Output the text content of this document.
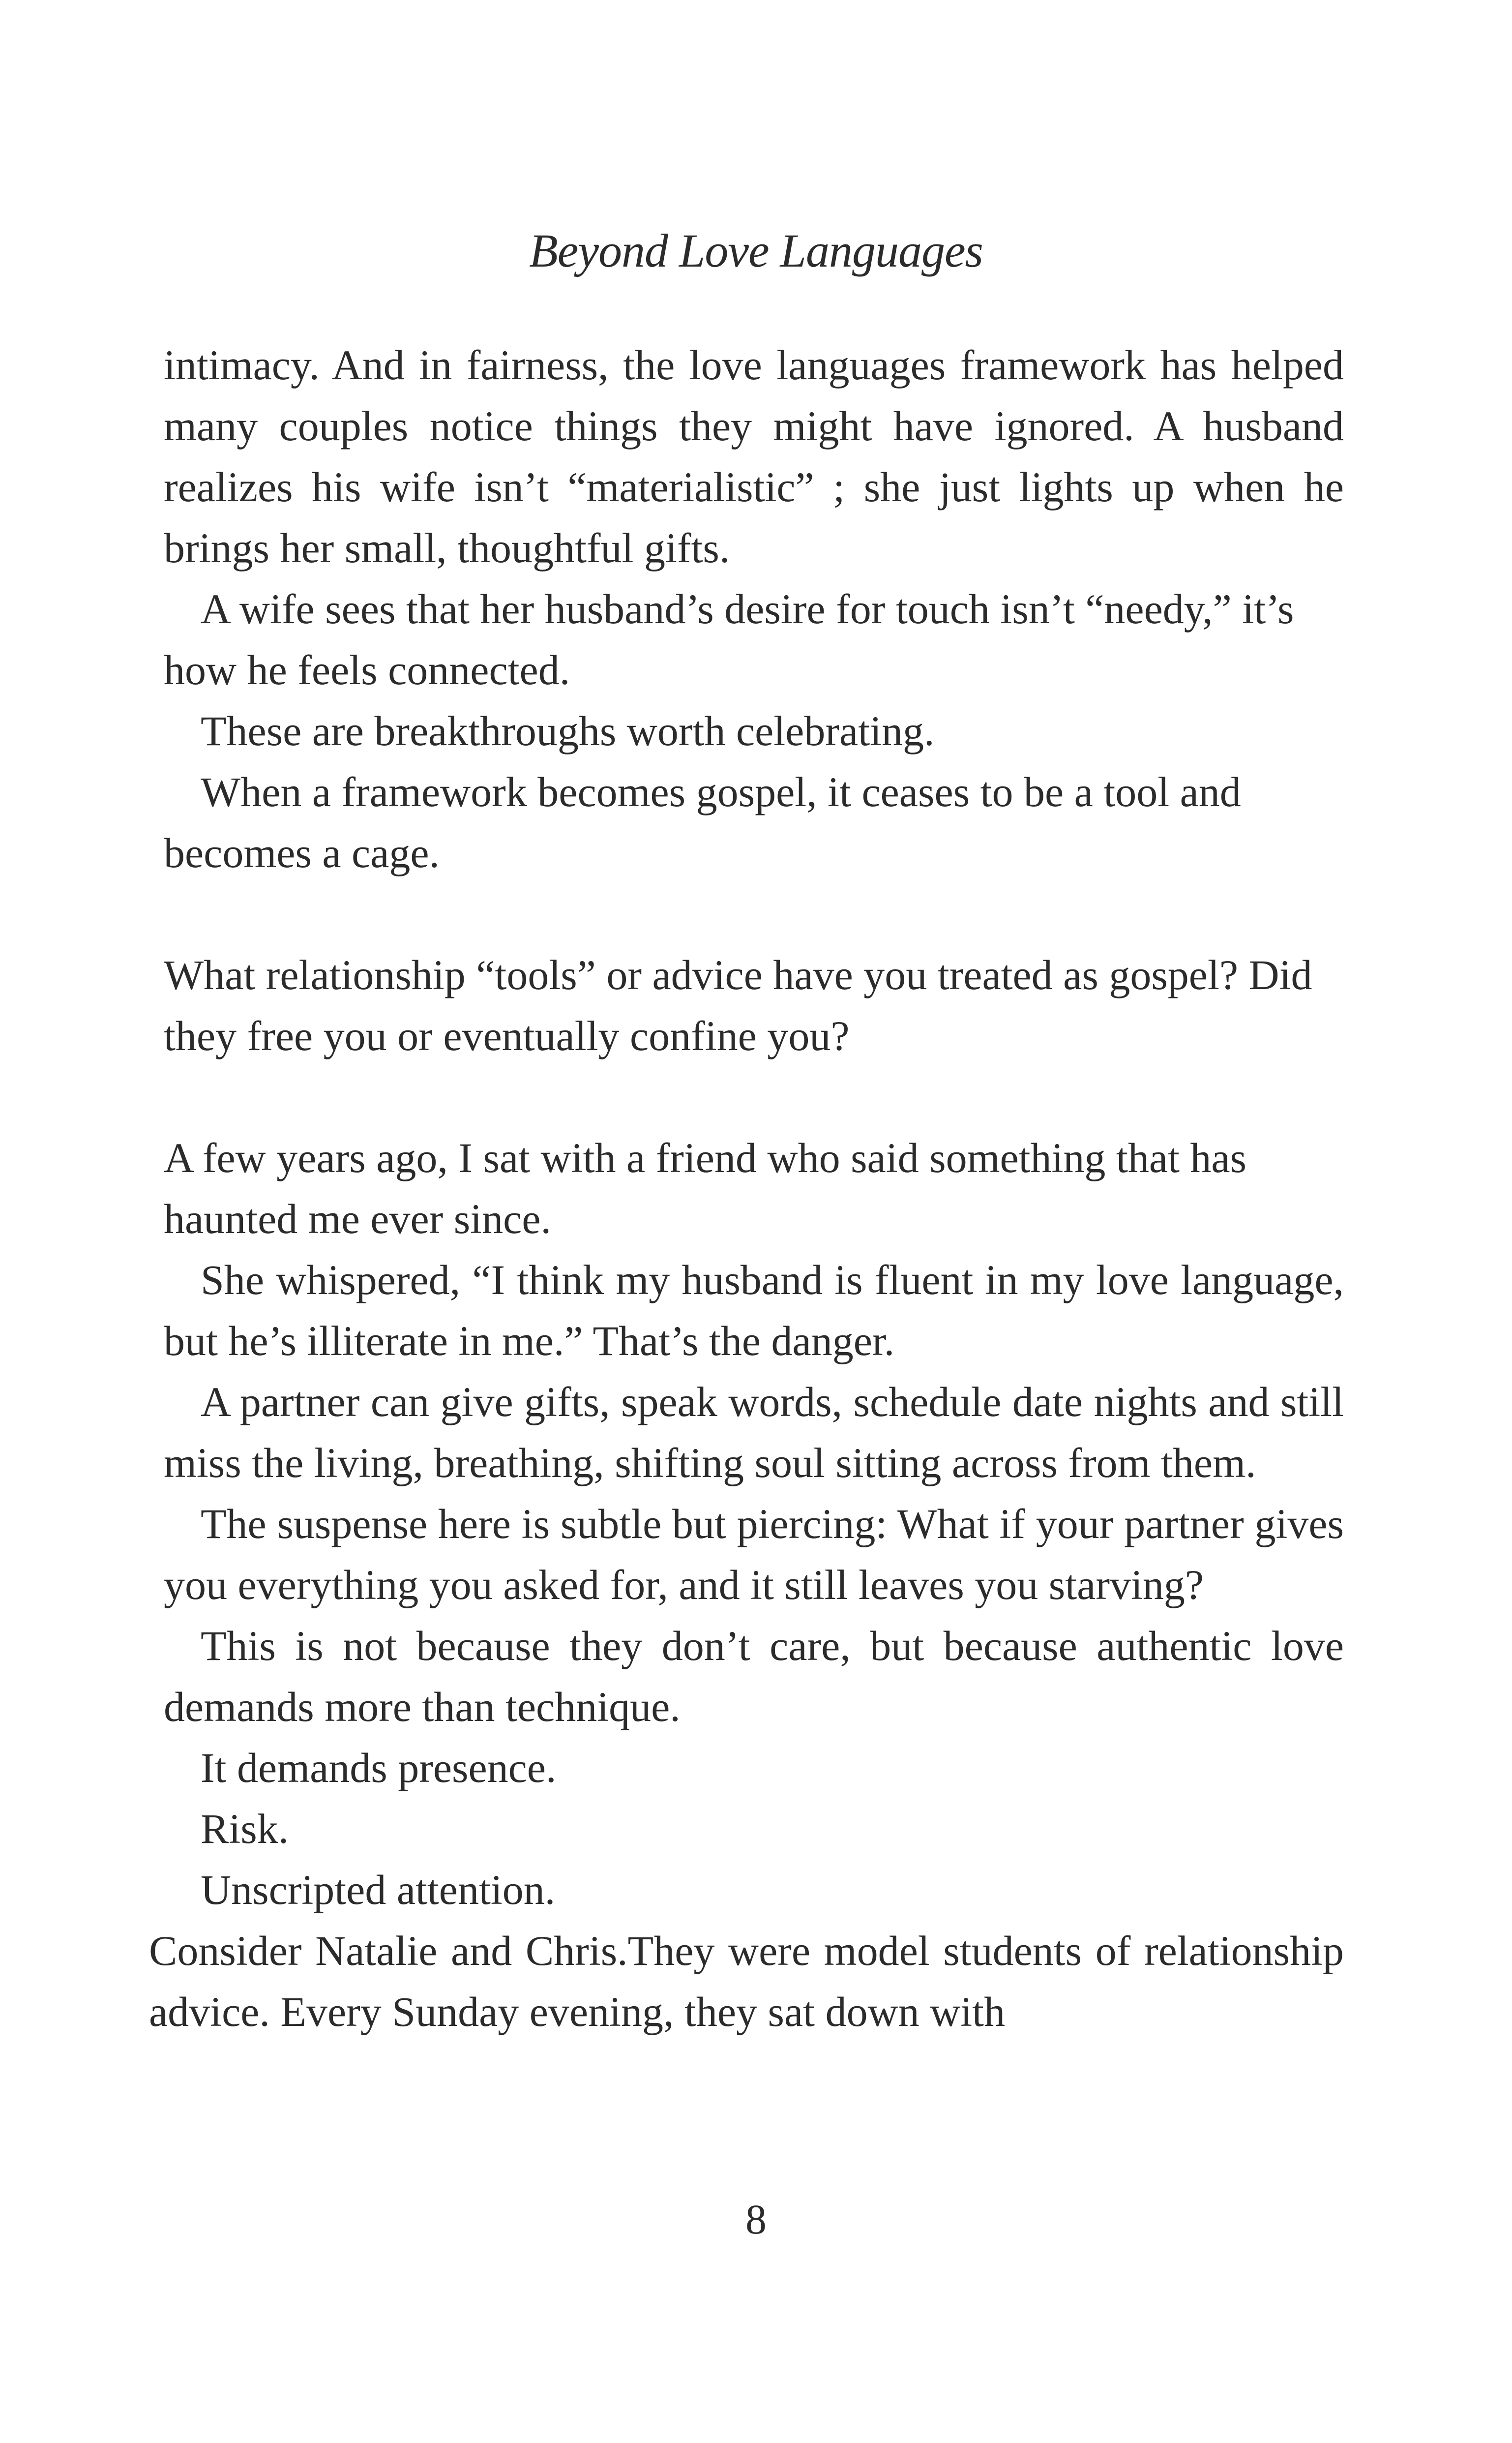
Beyond Love Languages

intimacy. And in fairness, the love languages framework has helped many couples notice things they might have ignored. A husband realizes his wife isn’t “materialistic” ; she just lights up when he brings her small, thoughtful gifts.

A wife sees that her husband’s desire for touch isn’t “needy,” it’s how he feels connected.

These are breakthroughs worth celebrating.

When a framework becomes gospel, it ceases to be a tool and becomes a cage.

What relationship “tools” or advice have you treated as gospel? Did they free you or eventually confine you?

A few years ago, I sat with a friend who said something that has haunted me ever since.

She whispered, “I think my husband is fluent in my love language, but he’s illiterate in me.” That’s the danger.

A partner can give gifts, speak words, schedule date nights and still miss the living, breathing, shifting soul sitting across from them.

The suspense here is subtle but piercing: What if your partner gives you everything you asked for, and it still leaves you starving?

This is not because they don’t care, but because authentic love demands more than technique.

It demands presence.

Risk.

Unscripted attention.

Consider Natalie and Chris.They were model students of relationship advice. Every Sunday evening, they sat down with

8
